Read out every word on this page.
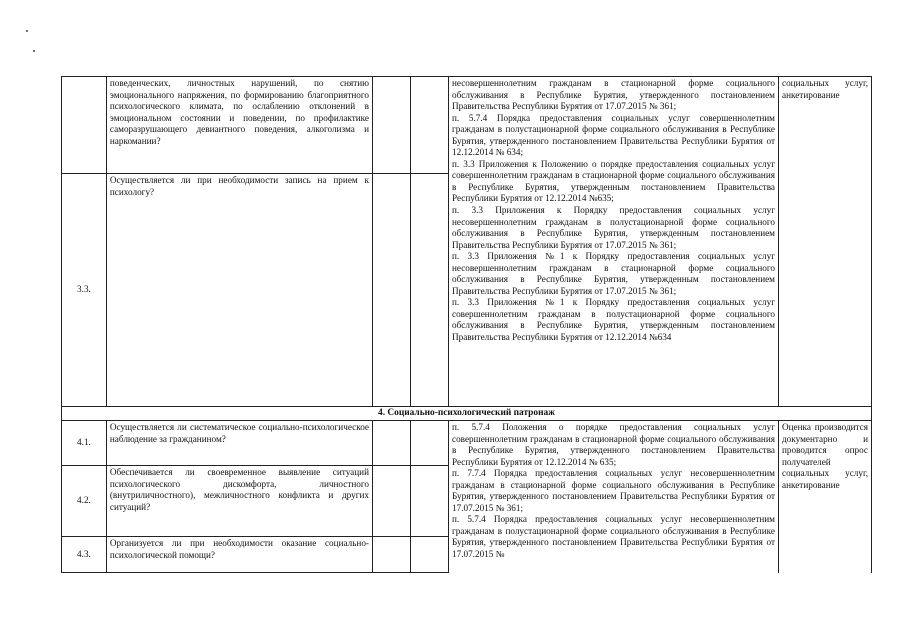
поведенческих, личностных нарушений, по снятию эмоционального напряжения, по формированию благоприятного психологического климата, по ослаблению отклонений в эмоциональном состоянии и поведении, по профилактике саморазрушающего девиантного поведения, алкоголизма и наркомании?
3.3.
Осуществляется ли при необходимости запись на прием к психологу?

несовершеннолетним гражданам в стационарной форме социального обслуживания в Республике Бурятия, утвержденного постановлением Правительства Республики Бурятия от 17.07.2015 № 361;

п. 5.7.4 Порядка предоставления социальных услуг совершеннолетним гражданам в полустационарной форме социального обслуживания в Республике Бурятия, утвержденного постановлением Правительства Республики Бурятия от 12.12.2014 № 634;

п. 3.3 Приложения к Положению о порядке предоставления социальных услуг совершеннолетним гражданам в стационарной форме социального обслуживания в Республике Бурятия, утвержденным постановлением Правительства Республики Бурятия от 12.12.2014 №635;

п. 3.3 Приложения к Порядку предоставления социальных услуг несовершеннолетним гражданам в полустационарной форме социального обслуживания в Республике Бурятия, утвержденным постановлением Правительства Республики Бурятия от 17.07.2015 № 361;

п. 3.3 Приложения №1 к Порядку предоставления социальных услуг несовершеннолетним гражданам в стационарной форме социального обслуживания в Республике Бурятия, утвержденным постановлением Правительства Республики Бурятия от 17.07.2015 № 361;

п. 3.3 Приложения №1 к Порядку предоставления социальных услуг совершеннолетним гражданам в полустационарной форме социального обслуживания в Республике Бурятия, утвержденным постановлением Правительства Республики Бурятия от 12.12.2014 №634

социальных услуг, анкетирование
4. Социально-психологический патронаж
4.1.
Осуществляется ли систематическое социально-психологическое наблюдение за гражданином?
4.2.
Обеспечивается ли своевременное выявление ситуаций психологического дискомфорта, личностного (внутриличностного), межличностного конфликта и других ситуаций?
4.3.
Организуется ли при необходимости оказание социально-психологической помощи?

п. 5.7.4 Положения о порядке предоставления социальных услуг совершеннолетним гражданам в стационарной форме социального обслуживания в Республике Бурятия, утвержденного постановлением Правительства Республики Бурятия от 12.12.2014 № 635;

п. 7.7.4 Порядка предоставления социальных услуг несовершеннолетним гражданам в стационарной форме социального обслуживания в Республике Бурятия, утвержденного постановлением Правительства Республики Бурятия от 17.07.2015 № 361;

п. 5.7.4 Порядка предоставления социальных услуг несовершеннолетним гражданам в полустационарной форме социального обслуживания в Республике Бурятия, утвержденного постановлением Правительства Республики Бурятия от 17.07.2015 №

Оценка производится документарно и проводится опрос получателей социальных услуг, анкетирование
